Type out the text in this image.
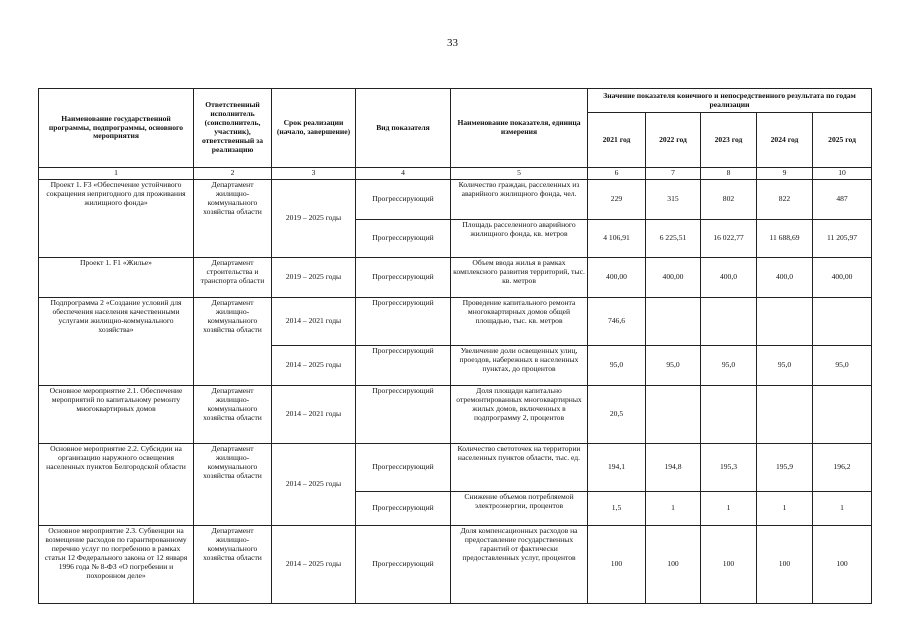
33
Наименование государственной программы, подпрограммы, основного мероприятия	Ответственный исполнитель (соисполнитель, участник), ответственный за реализацию	Срок реализации (начало, завершение)	Вид показателя	Наименование показателя, единица измерения	Значение показателя конечного и непосредственного результата по годам реализации				
					2021 год	2022 год	2023 год	2024 год	2025 год
1	2	3	4	5	6	7	8	9	10
Проект 1. F3 «Обеспечение устойчивого сокращения непригодного для проживания жилищного фонда»	Департамент жилищно-коммунального хозяйства области	2019 – 2025 годы	Прогрессирующий	Количество граждан, расселенных из аварийного жилищного фонда, чел.	229	315	802	822	487
			Прогрессирующий	Площадь расселенного аварийного жилищного фонда, кв. метров	4 106,91	6 225,51	16 022,77	11 688,69	11 205,97
Проект 1. F1 «Жилье»	Департамент строительства и транспорта области	2019 – 2025 годы	Прогрессирующий	Объем ввода жилья в рамках комплексного развития территорий, тыс. кв. метров	400,00	400,00	400,0	400,0	400,00
Подпрограмма 2 «Создание условий для обеспечения населения качественными услугами жилищно-коммунального хозяйства»	Департамент жилищно-коммунального хозяйства области	2014 – 2021 годы	Прогрессирующий	Проведение капитального ремонта многоквартирных домов общей площадью, тыс. кв. метров	746,6				
		2014 – 2025 годы	Прогрессирующий	Увеличение доли освещенных улиц, проездов, набережных в населенных пунктах, до процентов	95,0	95,0	95,0	95,0	95,0
Основное мероприятие 2.1. Обеспечение мероприятий по капитальному ремонту многоквартирных домов	Департамент жилищно-коммунального хозяйства области	2014 – 2021 годы	Прогрессирующий	Доля площади капитально отремонтированных многоквартирных жилых домов, включенных в подпрограмму 2, процентов	20,5				
Основное мероприятие 2.2. Субсидии на организацию наружного освещения населенных пунктов Белгородской области	Департамент жилищно-коммунального хозяйства области	2014 – 2025 годы	Прогрессирующий	Количество светоточек на территории населенных пунктов области, тыс. ед.	194,1	194,8	195,3	195,9	196,2
			Прогрессирующий	Снижение объемов потребляемой электроэнергии, процентов	1,5	1	1	1	1
Основное мероприятие 2.3. Субвенции на возмещение расходов по гарантированному перечню услуг по погребению в рамках статьи 12 Федерального закона от 12 января 1996 года № 8-ФЗ «О погребении и похоронном деле»	Департамент жилищно-коммунального хозяйства области	2014 – 2025 годы	Прогрессирующий	Доля компенсационных расходов на предоставление государственных гарантий от фактически предоставленных услуг, процентов	100	100	100	100	100
